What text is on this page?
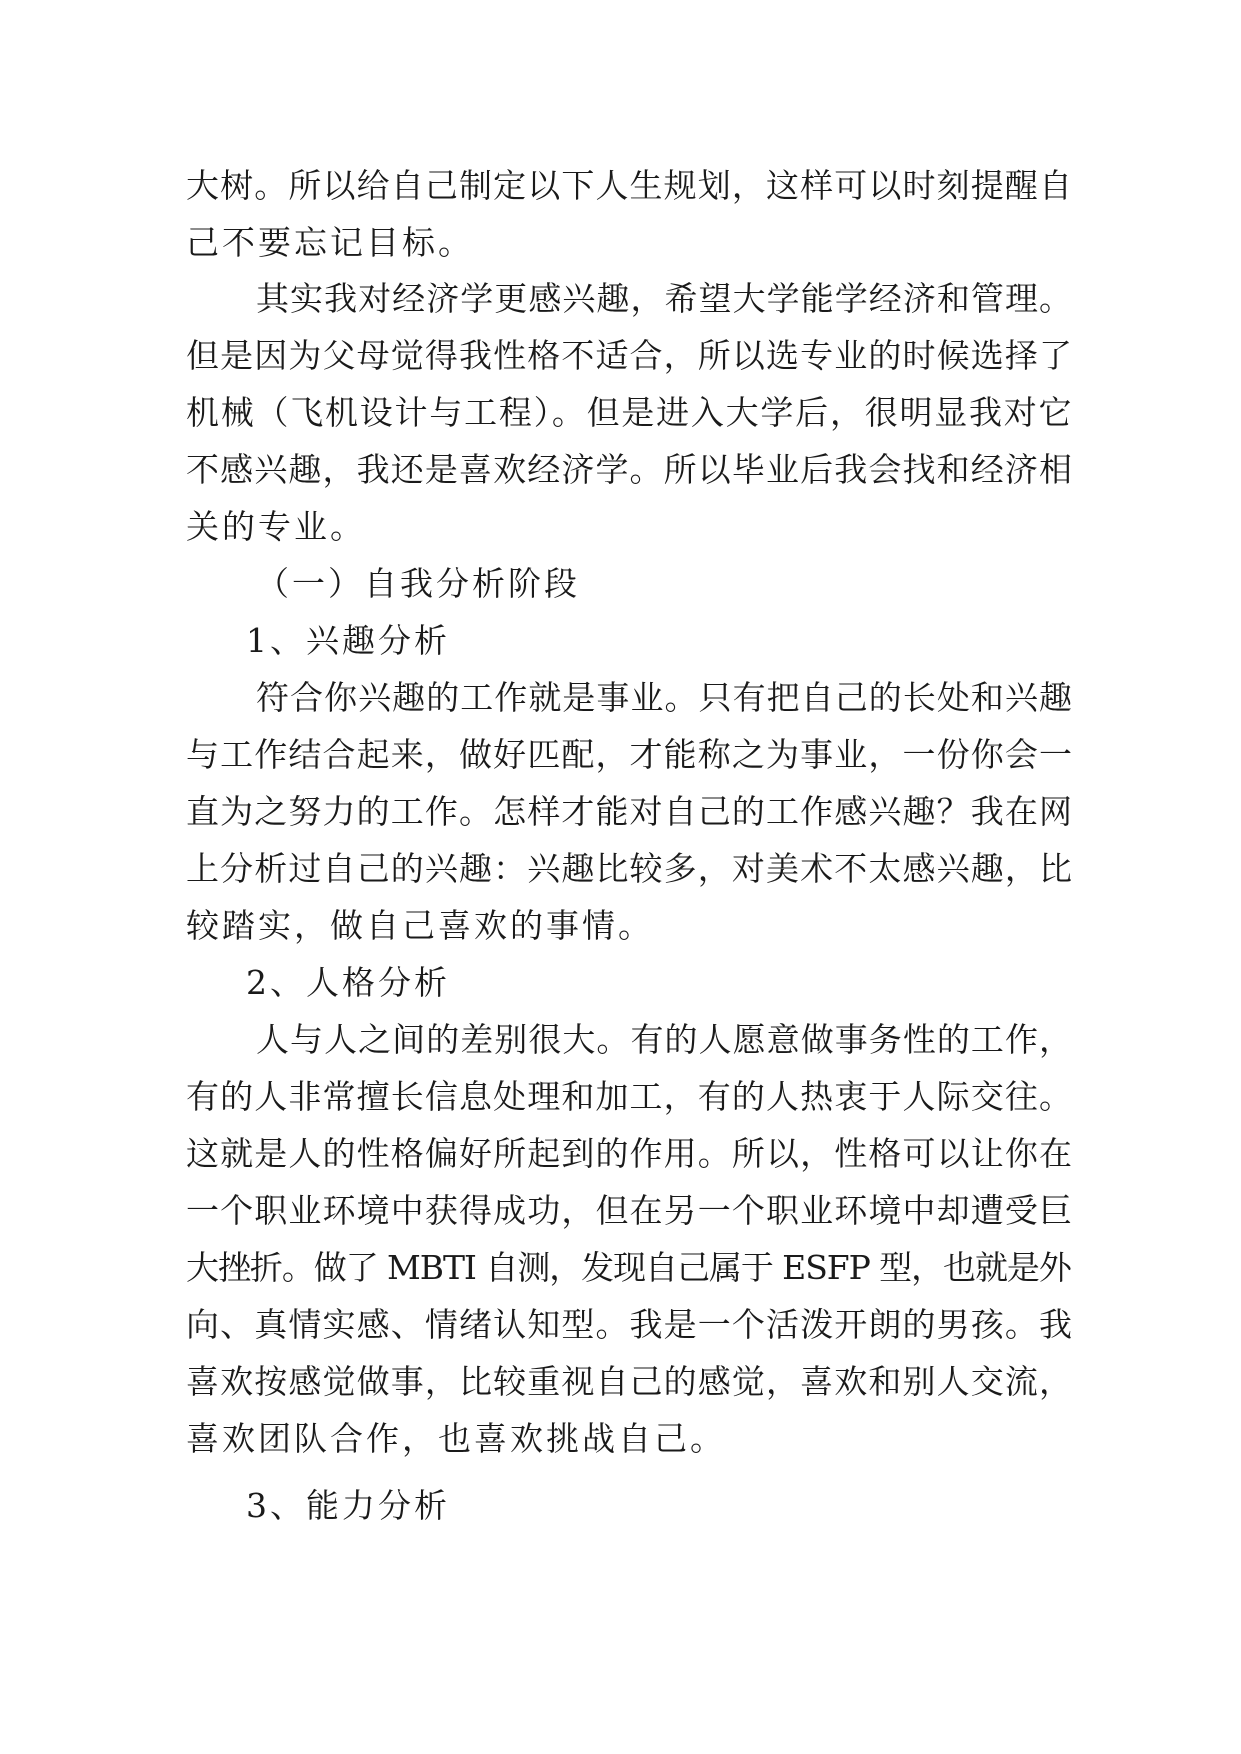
大树。所以给自己制定以下人生规划，这样可以时刻提醒自
己不要忘记目标。
其实我对经济学更感兴趣，希望大学能学经济和管理。
但是因为父母觉得我性格不适合，所以选专业的时候选择了
机械（飞机设计与工程）。但是进入大学后，很明显我对它
不感兴趣，我还是喜欢经济学。所以毕业后我会找和经济相
关的专业。
（一）自我分析阶段
1、兴趣分析
符合你兴趣的工作就是事业。只有把自己的长处和兴趣
与工作结合起来，做好匹配，才能称之为事业，一份你会一
直为之努力的工作。怎样才能对自己的工作感兴趣？我在网
上分析过自己的兴趣：兴趣比较多，对美术不太感兴趣，比
较踏实，做自己喜欢的事情。
2、人格分析
人与人之间的差别很大。有的人愿意做事务性的工作，
有的人非常擅长信息处理和加工，有的人热衷于人际交往。
这就是人的性格偏好所起到的作用。所以，性格可以让你在
一个职业环境中获得成功，但在另一个职业环境中却遭受巨
大挫折。做了 MBTI 自测，发现自己属于 ESFP 型，也就是外
向、真情实感、情绪认知型。我是一个活泼开朗的男孩。我
喜欢按感觉做事，比较重视自己的感觉，喜欢和别人交流，
喜欢团队合作，也喜欢挑战自己。
3、能力分析
